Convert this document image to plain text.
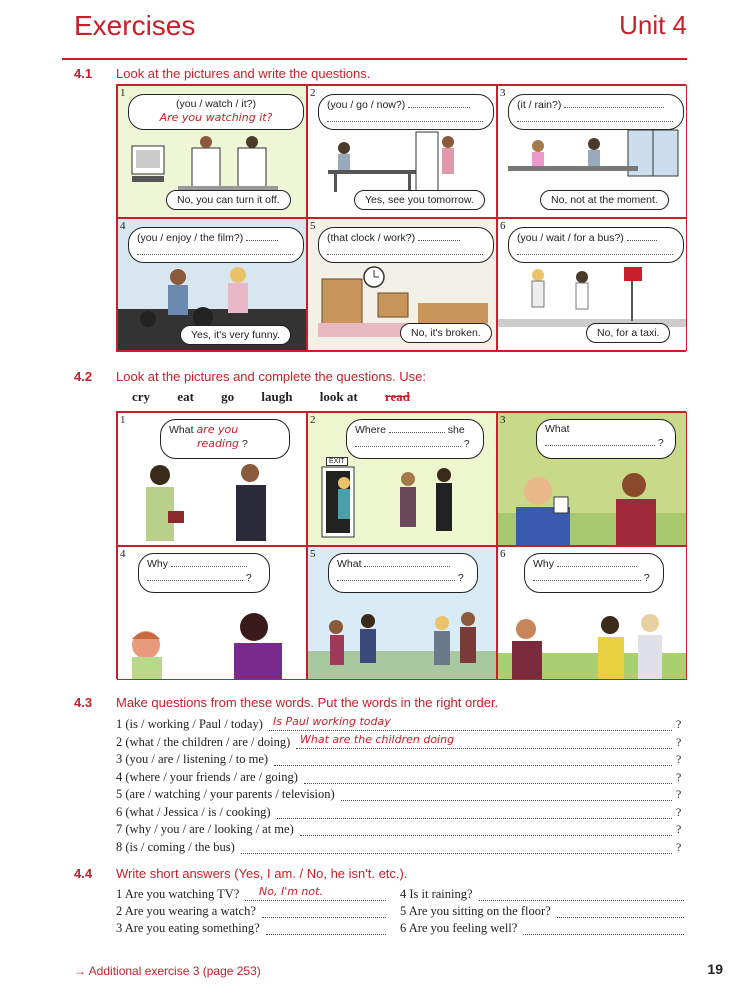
Exercises	Unit 4
4.1 Look at the pictures and write the questions.
1
(you / watch / it?)
Are you watching it?
No, you can turn it off.
2
(you / go / now?)

Yes, see you tomorrow.
3
(it / rain?)

No, not at the moment.
4
(you / enjoy / the film?)

Yes, it's very funny.
5
(that clock / work?)

No, it's broken.
6
(you / wait / for a bus?)

No, for a taxi.
4.2 Look at the pictures and complete the questions. Use:
cry eat go laugh look at read
1
What are you
reading ?
2
Where	she
?
EXIT
3
What
?
4
Why
?
5
What
?
6
Why
?
4.3 Make questions from these words. Put the words in the right order.
1 (is / working / Paul / today) Is Paul working today	?
2 (what / the children / are / doing) What are the children doing	?
3 (you / are / listening / to me)	?
4 (where / your friends / are / going)	?
5 (are / watching / your parents / television)	?
6 (what / Jessica / is / cooking)	?
7 (why / you / are / looking / at me)	?
8 (is / coming / the bus)	?
4.4 Write short answers (Yes, I am. / No, he isn't. etc.).
1 Are you watching TV? No, I'm not.
2 Are you wearing a watch?
3 Are you eating something?
4 Is it raining?
5 Are you sitting on the floor?
6 Are you feeling well?
→ Additional exercise 3 (page 253)	19
